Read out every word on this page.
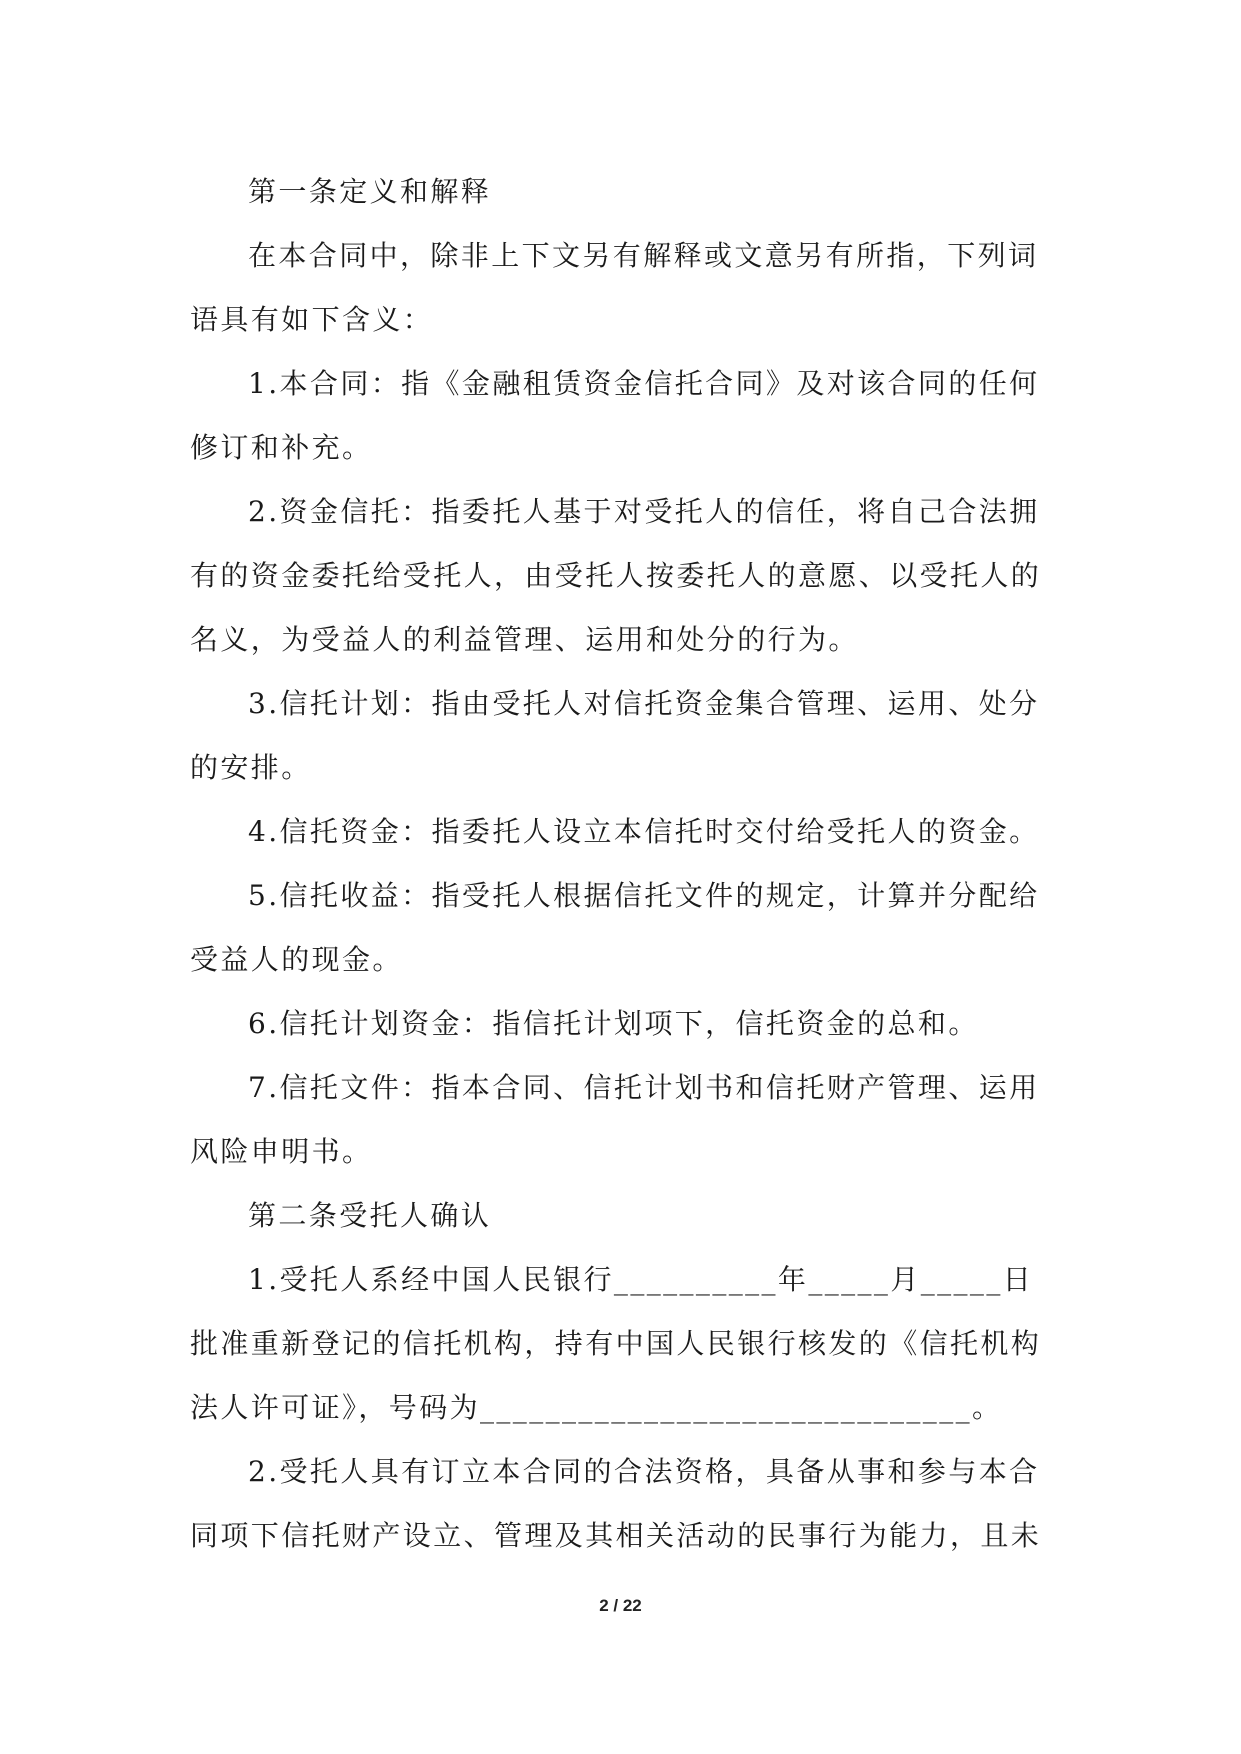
第一条定义和解释

在本合同中，除非上下文另有解释或文意另有所指，下列词语具有如下含义：

1.本合同：指《金融租赁资金信托合同》及对该合同的任何修订和补充。

2.资金信托：指委托人基于对受托人的信任，将自己合法拥有的资金委托给受托人，由受托人按委托人的意愿、以受托人的名义，为受益人的利益管理、运用和处分的行为。

3.信托计划：指由受托人对信托资金集合管理、运用、处分的安排。

4.信托资金：指委托人设立本信托时交付给受托人的资金。

5.信托收益：指受托人根据信托文件的规定，计算并分配给受益人的现金。

6.信托计划资金：指信托计划项下，信托资金的总和。

7.信托文件：指本合同、信托计划书和信托财产管理、运用风险申明书。

第二条受托人确认

1.受托人系经中国人民银行__________年_____月_____日批准重新登记的信托机构，持有中国人民银行核发的《信托机构法人许可证》，号码为______________________________。

2.受托人具有订立本合同的合法资格，具备从事和参与本合同项下信托财产设立、管理及其相关活动的民事行为能力，且未

2 / 22
